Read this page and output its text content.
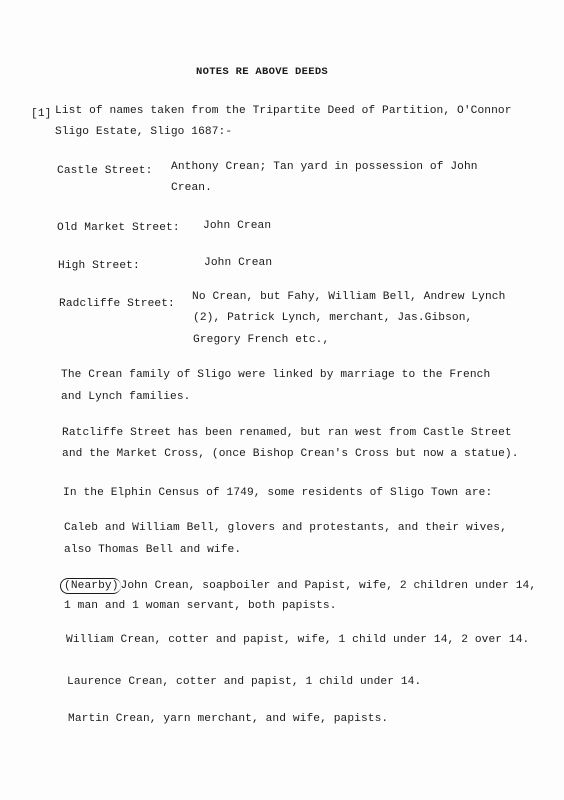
NOTES RE ABOVE DEEDS
[1] List of names taken from the Tripartite Deed of Partition, O'Connor
Sligo Estate, Sligo 1687:-
Castle Street: Anthony Crean; Tan yard in possession of John
Crean.
Old Market Street: John Crean
High Street:	John Crean
Radcliffe Street:
No Crean, but Fahy, William Bell, Andrew Lynch
(2), Patrick Lynch, merchant, Jas.Gibson,
Gregory French etc.,
The Crean family of Sligo were linked by marriage to the French
and Lynch families.
Ratcliffe Street has been renamed, but ran west from Castle Street
and the Market Cross, (once Bishop Crean's Cross but now a statue).
In the Elphin Census of 1749, some residents of Sligo Town are:
Caleb and William Bell, glovers and protestants, and their wives,
also Thomas Bell and wife.
(Nearby) John Crean, soapboiler and Papist, wife, 2 children under 14,
1 man and 1 woman servant, both papists.
William Crean, cotter and papist, wife, 1 child under 14, 2 over 14.
Laurence Crean, cotter and papist, 1 child under 14.
Martin Crean, yarn merchant, and wife, papists.
